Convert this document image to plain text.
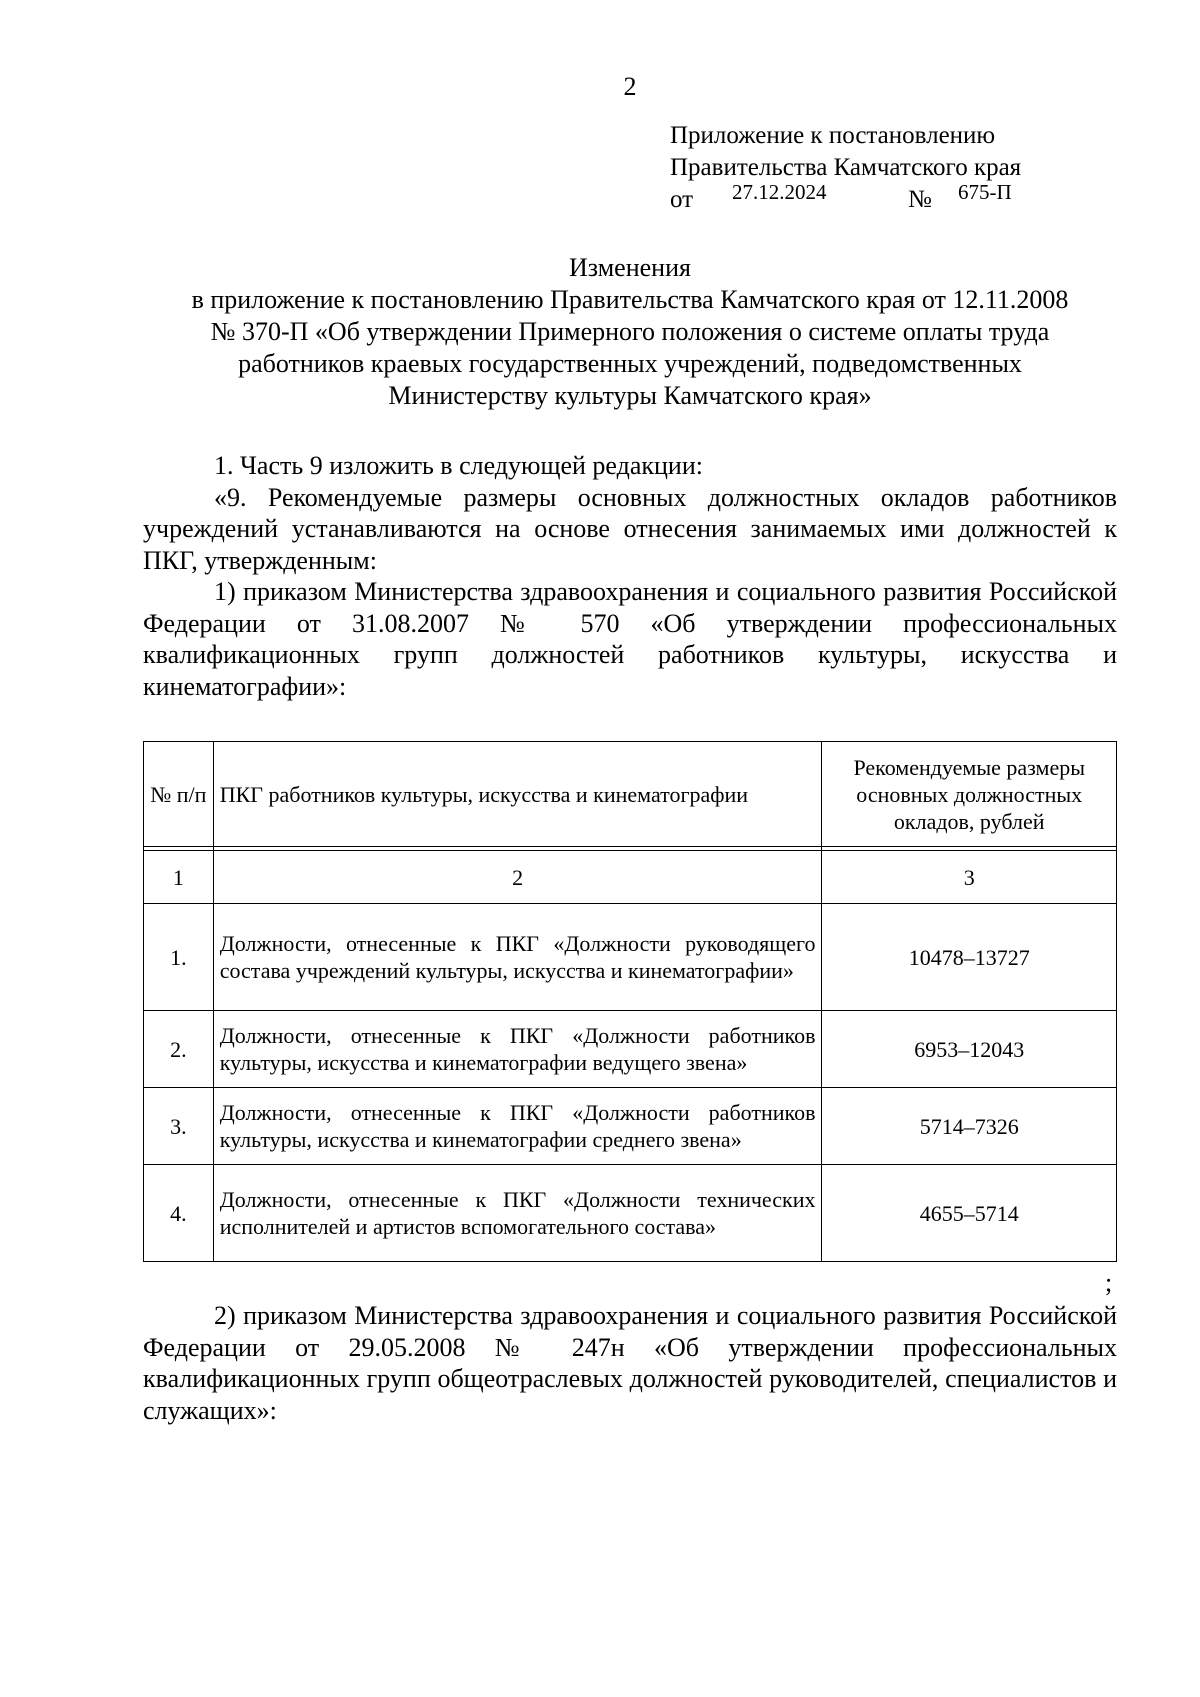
2
Приложение к постановлению
Правительства Камчатского края
от 27.12.2024	№ 675-П
Изменения
в приложение к постановлению Правительства Камчатского края от 12.11.2008
№ 370-П «Об утверждении Примерного положения о системе оплаты труда
работников краевых государственных учреждений, подведомственных
Министерству культуры Камчатского края»

1. Часть 9 изложить в следующей редакции:

«9. Рекомендуемые размеры основных должностных окладов работников учреждений устанавливаются на основе отнесения занимаемых ими должностей к ПКГ, утвержденным:

1) приказом Министерства здравоохранения и социального развития Российской Федерации от 31.08.2007 № 570 «Об утверждении профессиональных квалификационных групп должностей работников культуры, искусства и кинематографии»:

№ п/п	ПКГ работников культуры, искусства и кинематографии	Рекомендуемые размеры основных должностных окладов, рублей

1	2	3
1.	Должности, отнесенные к ПКГ «Должности руководящего состава учреждений культуры, искусства и кинематографии»	10478–13727
2.	Должности, отнесенные к ПКГ «Должности работников культуры, искусства и кинематографии ведущего звена»	6953–12043
3.	Должности, отнесенные к ПКГ «Должности работников культуры, искусства и кинематографии среднего звена»	5714–7326
4.	Должности, отнесенные к ПКГ «Должности технических исполнителей и артистов вспомогательного состава»	4655–5714
;

2) приказом Министерства здравоохранения и социального развития Российской Федерации от 29.05.2008 № 247н «Об утверждении профессиональных квалификационных групп общеотраслевых должностей руководителей, специалистов и служащих»:
